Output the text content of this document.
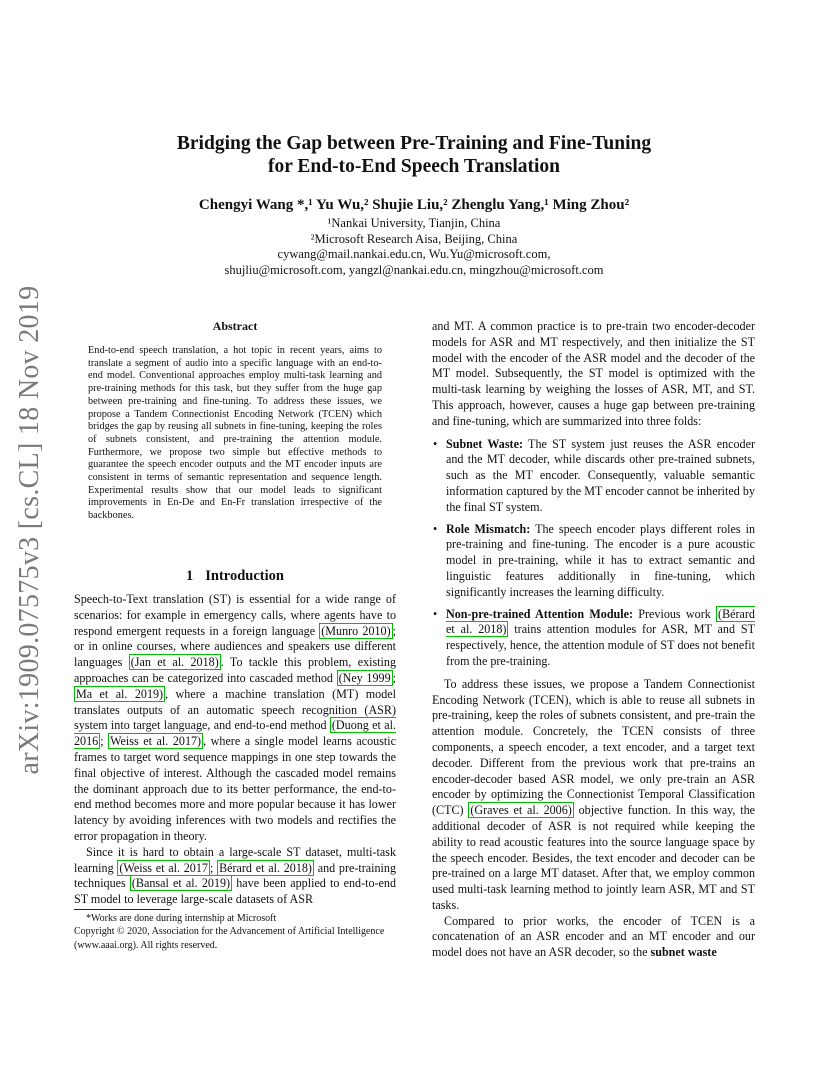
arXiv:1909.07575v3 [cs.CL] 18 Nov 2019
Bridging the Gap between Pre-Training and Fine-Tuning
for End-to-End Speech Translation
Chengyi Wang *,¹ Yu Wu,² Shujie Liu,² Zhenglu Yang,¹ Ming Zhou²
¹Nankai University, Tianjin, China
²Microsoft Research Aisa, Beijing, China
cywang@mail.nankai.edu.cn, Wu.Yu@microsoft.com,
shujliu@microsoft.com, yangzl@nankai.edu.cn, mingzhou@microsoft.com
Abstract
End-to-end speech translation, a hot topic in recent years, aims to translate a segment of audio into a specific language with an end-to-end model. Conventional approaches employ multi-task learning and pre-training methods for this task, but they suffer from the huge gap between pre-training and fine-tuning. To address these issues, we propose a Tandem Connectionist Encoding Network (TCEN) which bridges the gap by reusing all subnets in fine-tuning, keeping the roles of subnets consistent, and pre-training the attention module. Furthermore, we propose two simple but effective methods to guarantee the speech encoder outputs and the MT encoder inputs are consistent in terms of semantic representation and sequence length. Experimental results show that our model leads to significant improvements in En-De and En-Fr translation irrespective of the backbones.
1 Introduction

Speech-to-Text translation (ST) is essential for a wide range of scenarios: for example in emergency calls, where agents have to respond emergent requests in a foreign language (Munro 2010) ; or in online courses, where audiences and speakers use different languages (Jan et al. 2018) . To tackle this problem, existing approaches can be categorized into cascaded method (Ney 1999 ; Ma et al. 2019) , where a machine translation (MT) model translates outputs of an automatic speech recognition (ASR) system into target language, and end-to-end method (Duong et al. 2016 ; Weiss et al. 2017) , where a single model learns acoustic frames to target word sequence mappings in one step towards the final objective of interest. Although the cascaded model remains the dominant approach due to its better performance, the end-to-end method becomes more and more popular because it has lower latency by avoiding inferences with two models and rectifies the error propagation in theory.

Since it is hard to obtain a large-scale ST dataset, multi-task learning (Weiss et al. 2017 ; Bérard et al. 2018) and pre-training techniques (Bansal et al. 2019) have been applied to end-to-end ST model to leverage large-scale datasets of ASR

*Works are done during internship at Microsoft
Copyright © 2020, Association for the Advancement of Artificial Intelligence (www.aaai.org). All rights reserved.

and MT. A common practice is to pre-train two encoder-decoder models for ASR and MT respectively, and then initialize the ST model with the encoder of the ASR model and the decoder of the MT model. Subsequently, the ST model is optimized with the multi-task learning by weighing the losses of ASR, MT, and ST. This approach, however, causes a huge gap between pre-training and fine-tuning, which are summarized into three folds:

• Subnet Waste: The ST system just reuses the ASR encoder and the MT decoder, while discards other pre-trained subnets, such as the MT encoder. Consequently, valuable semantic information captured by the MT encoder cannot be inherited by the final ST system.
• Role Mismatch: The speech encoder plays different roles in pre-training and fine-tuning. The encoder is a pure acoustic model in pre-training, while it has to extract semantic and linguistic features additionally in fine-tuning, which significantly increases the learning difficulty.
• Non-pre-trained Attention Module: Previous work (Bérard et al. 2018) trains attention modules for ASR, MT and ST respectively, hence, the attention module of ST does not benefit from the pre-training.

To address these issues, we propose a Tandem Connectionist Encoding Network (TCEN), which is able to reuse all subnets in pre-training, keep the roles of subnets consistent, and pre-train the attention module. Concretely, the TCEN consists of three components, a speech encoder, a text encoder, and a target text decoder. Different from the previous work that pre-trains an encoder-decoder based ASR model, we only pre-train an ASR encoder by optimizing the Connectionist Temporal Classification (CTC) (Graves et al. 2006) objective function. In this way, the additional decoder of ASR is not required while keeping the ability to read acoustic features into the source language space by the speech encoder. Besides, the text encoder and decoder can be pre-trained on a large MT dataset. After that, we employ common used multi-task learning method to jointly learn ASR, MT and ST tasks.

Compared to prior works, the encoder of TCEN is a concatenation of an ASR encoder and an MT encoder and our model does not have an ASR decoder, so the subnet waste
